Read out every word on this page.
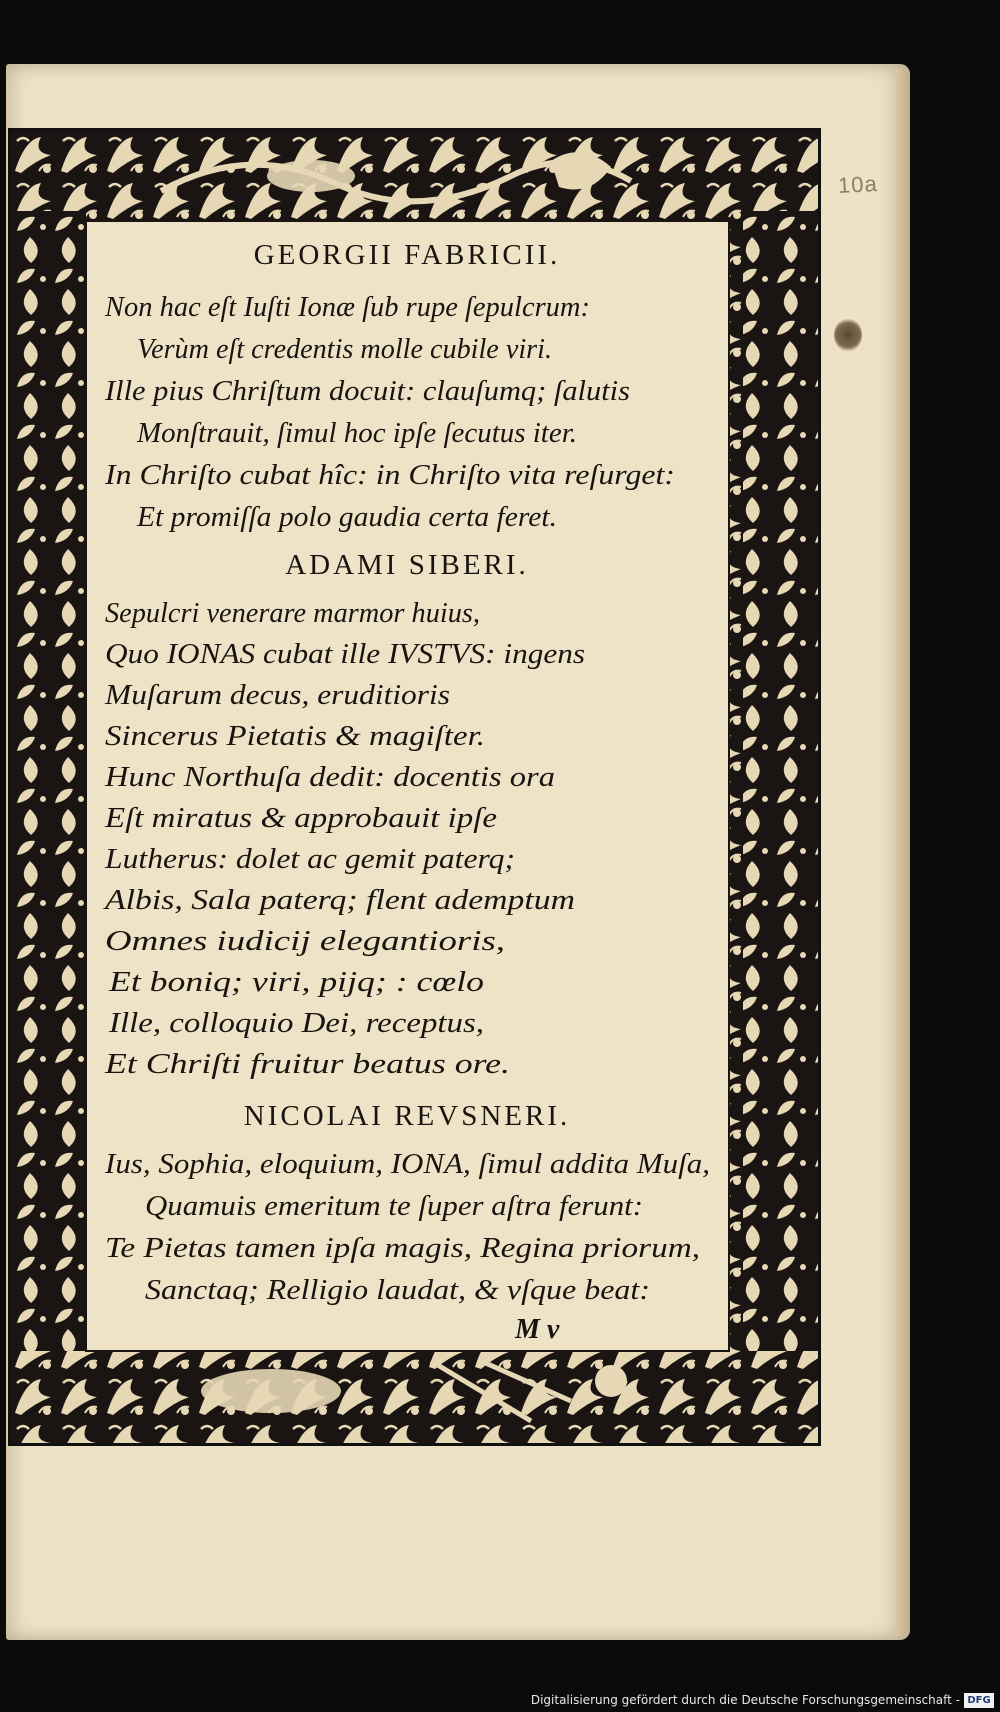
10a
GEORGII FABRICII.
Non hac eſt Iuſti Ionæ ſub rupe ſepulcrum:
Verùm eſt credentis molle cubile viri.
Ille pius Chriſtum docuit: clauſumq; ſalutis
Monſtrauit, ſimul hoc ipſe ſecutus iter.
In Chriſto cubat hîc: in Chriſto vita reſurget:
Et promiſſa polo gaudia certa feret.
ADAMI SIBERI.
Sepulcri venerare marmor huius,
Quo IONAS cubat ille IVSTVS: ingens
Muſarum decus, eruditioris
Sincerus Pietatis & magiſter.
Hunc Northuſa dedit: docentis ora
Eſt miratus & approbauit ipſe
Lutherus: dolet ac gemit paterq;
Albis, Sala paterq; flent ademptum
Omnes iudicij elegantioris,
Et boniq; viri, pijq; : cœlo
Ille, colloquio Dei, receptus,
Et Chriſti fruitur beatus ore.
NICOLAI REVSNERI.
Ius, Sophia, eloquium, IONA, ſimul addita Muſa,
Quamuis emeritum te ſuper aſtra ferunt:
Te Pietas tamen ipſa magis, Regina priorum,
Sanctaq; Relligio laudat, & vſque beat:
M v
Digitalisierung gefördert durch die Deutsche Forschungsgemeinschaft - DFG
